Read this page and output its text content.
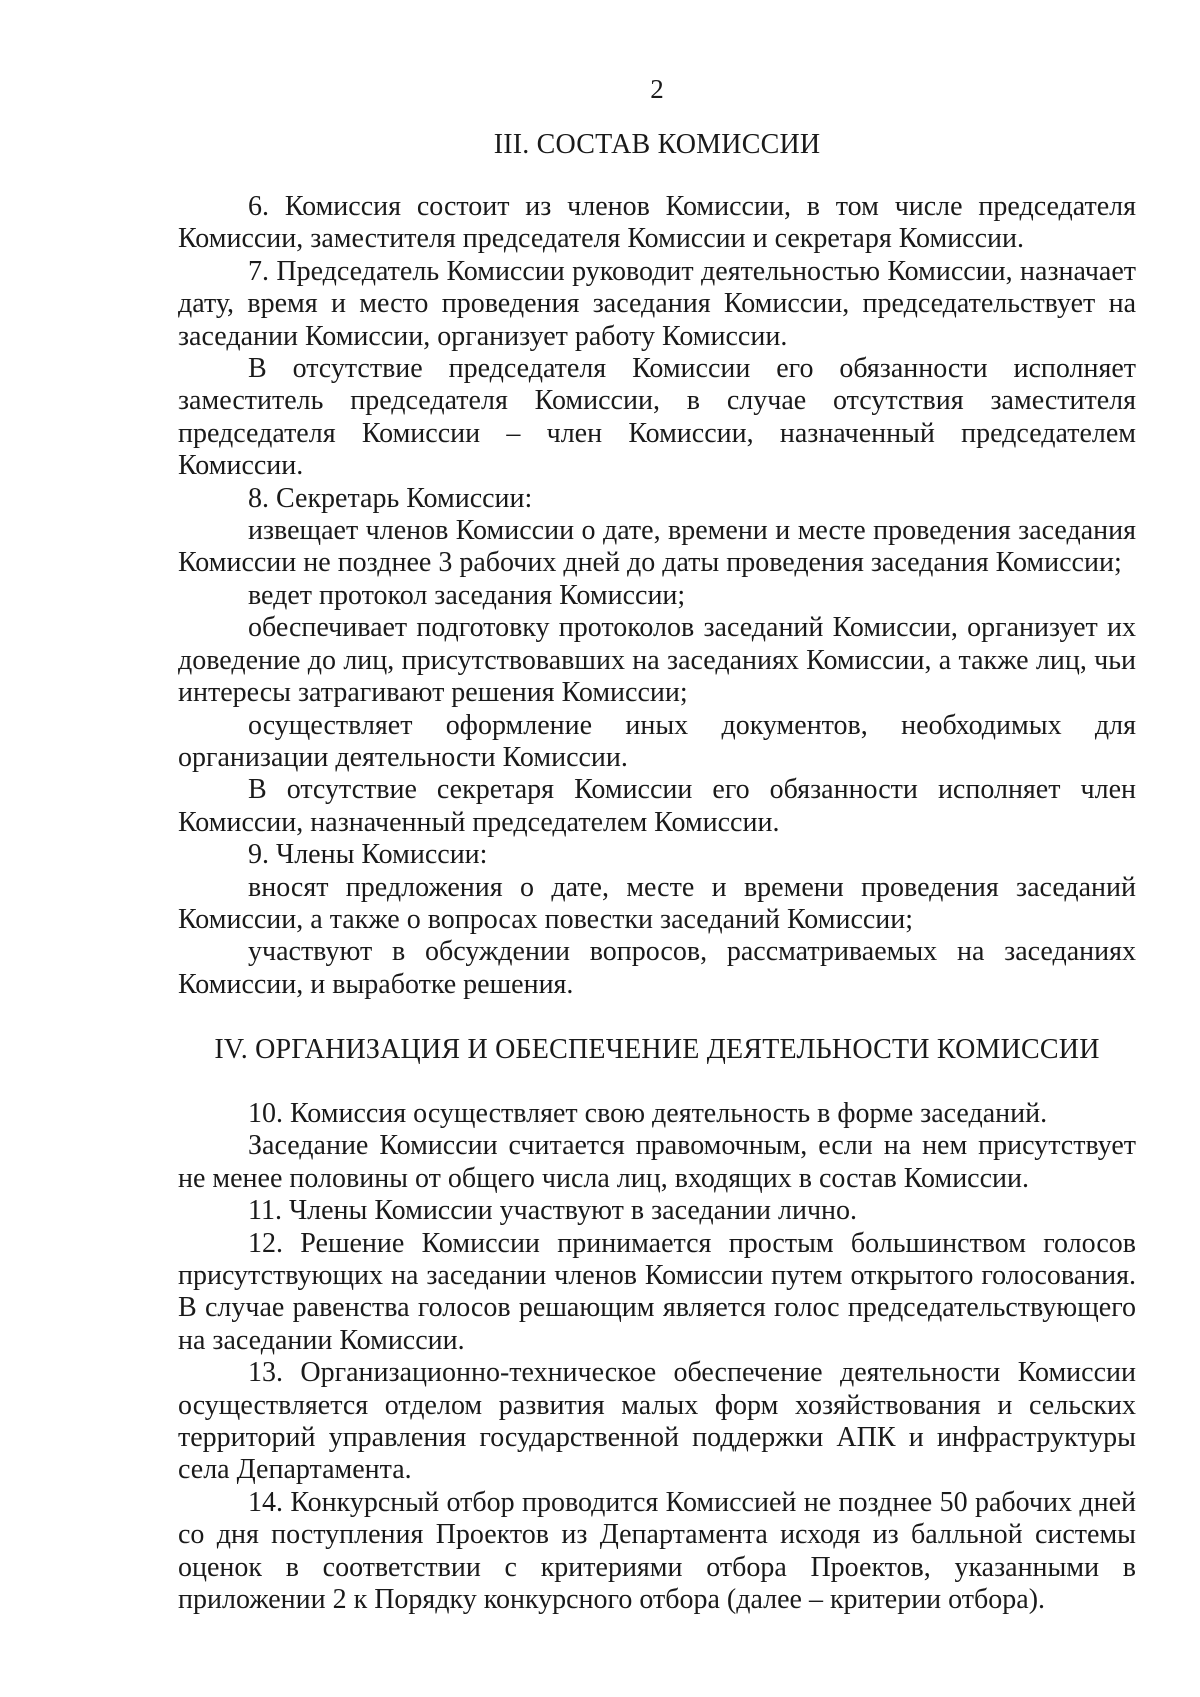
2
III. СОСТАВ КОМИССИИ

6. Комиссия состоит из членов Комиссии, в том числе председателя Комиссии, заместителя председателя Комиссии и секретаря Комиссии.

7. Председатель Комиссии руководит деятельностью Комиссии, назначает дату, время и место проведения заседания Комиссии, председательствует на заседании Комиссии, организует работу Комиссии.

В отсутствие председателя Комиссии его обязанности исполняет заместитель председателя Комиссии, в случае отсутствия заместителя председателя Комиссии – член Комиссии, назначенный председателем Комиссии.

8. Секретарь Комиссии:

извещает членов Комиссии о дате, времени и месте проведения заседания Комиссии не позднее 3 рабочих дней до даты проведения заседания Комиссии;

ведет протокол заседания Комиссии;

обеспечивает подготовку протоколов заседаний Комиссии, организует их доведение до лиц, присутствовавших на заседаниях Комиссии, а также лиц, чьи интересы затрагивают решения Комиссии;

осуществляет оформление иных документов, необходимых для организации деятельности Комиссии.

В отсутствие секретаря Комиссии его обязанности исполняет член Комиссии, назначенный председателем Комиссии.

9. Члены Комиссии:

вносят предложения о дате, месте и времени проведения заседаний Комиссии, а также о вопросах повестки заседаний Комиссии;

участвуют в обсуждении вопросов, рассматриваемых на заседаниях Комиссии, и выработке решения.

IV. ОРГАНИЗАЦИЯ И ОБЕСПЕЧЕНИЕ ДЕЯТЕЛЬНОСТИ КОМИССИИ

10. Комиссия осуществляет свою деятельность в форме заседаний.

Заседание Комиссии считается правомочным, если на нем присутствует не менее половины от общего числа лиц, входящих в состав Комиссии.

11. Члены Комиссии участвуют в заседании лично.

12. Решение Комиссии принимается простым большинством голосов присутствующих на заседании членов Комиссии путем открытого голосования. В случае равенства голосов решающим является голос председательствующего на заседании Комиссии.

13. Организационно-техническое обеспечение деятельности Комиссии осуществляется отделом развития малых форм хозяйствования и сельских территорий управления государственной поддержки АПК и инфраструктуры села Департамента.

14. Конкурсный отбор проводится Комиссией не позднее 50 рабочих дней со дня поступления Проектов из Департамента исходя из балльной системы оценок в соответствии с критериями отбора Проектов, указанными в приложении 2 к Порядку конкурсного отбора (далее – критерии отбора).
